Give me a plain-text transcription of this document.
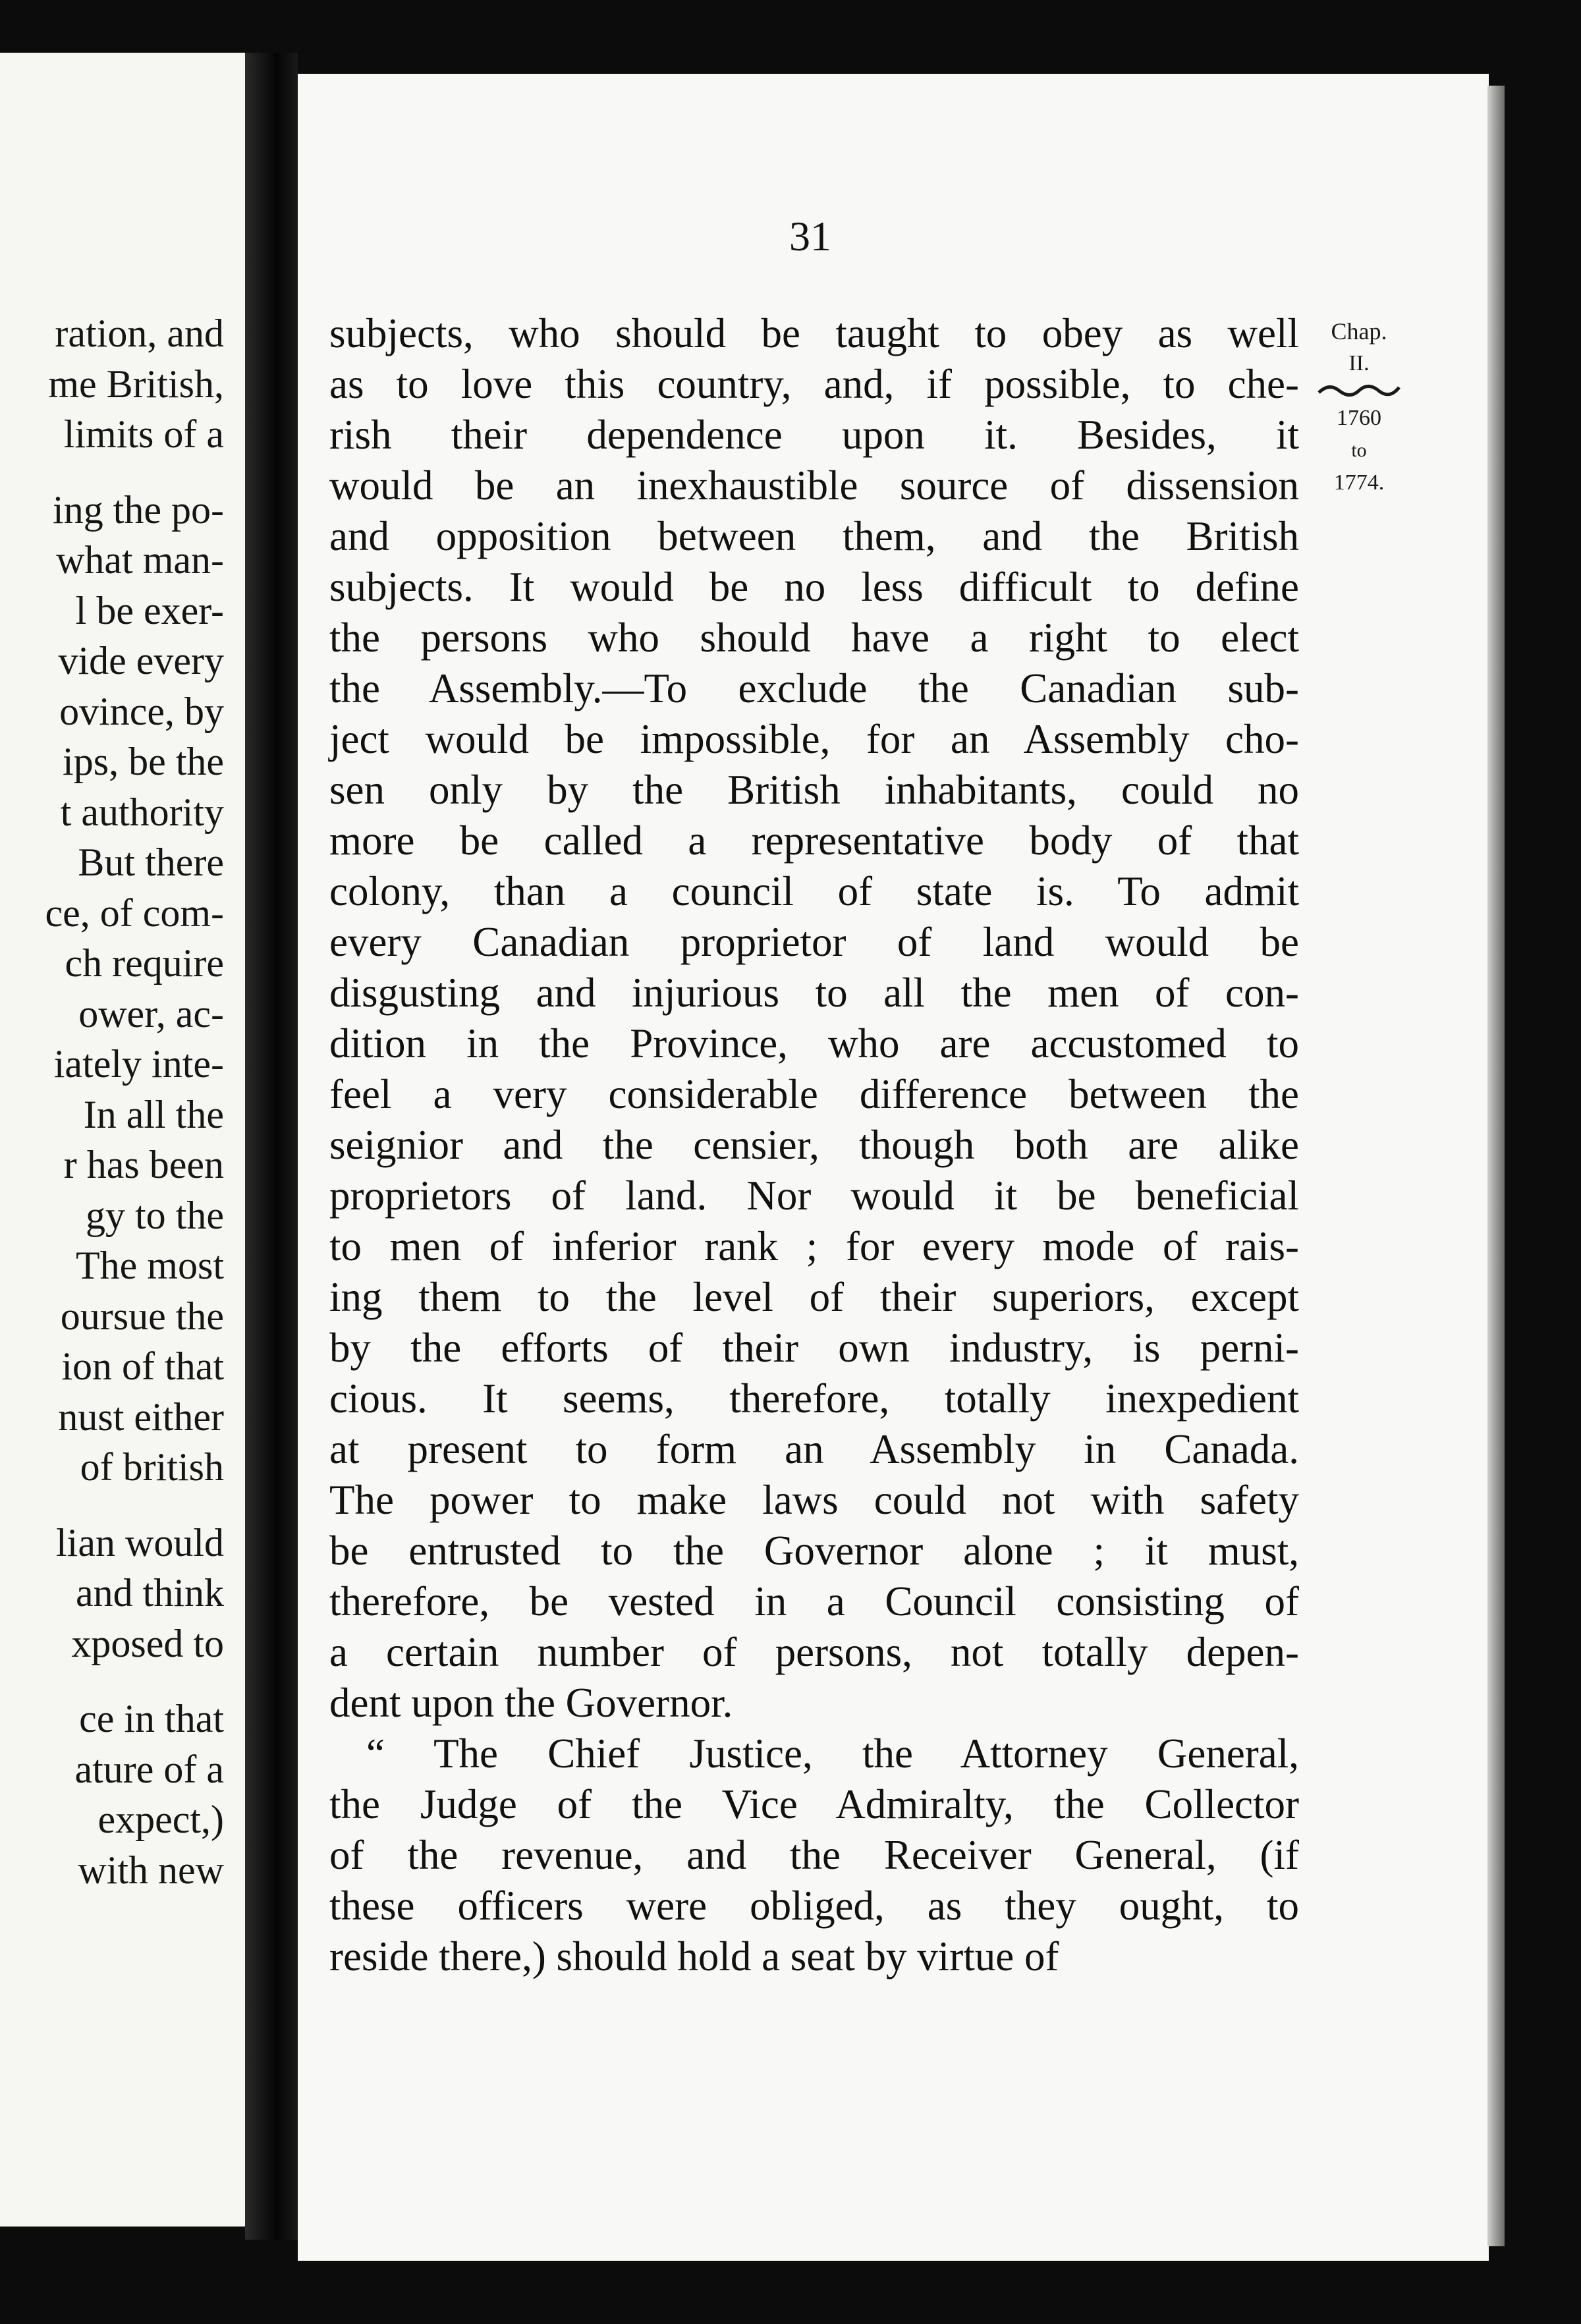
ration, and
me British,
limits of a
ing the po-
what man-
l be exer-
vide every
ovince, by
ips, be the
t authority
But there
ce, of com-
ch require
ower, ac-
iately inte-
In all the
r has been
gy to the
The most
oursue the
ion of that
nust either
of british
lian would
and think
xposed to
ce in that
ature of a
expect,)
with new
31
subjects, who should be taught to obey as well
as to love this country, and, if possible, to che-
rish their dependence upon it. Besides, it
would be an inexhaustible source of dissension
and opposition between them, and the British
subjects. It would be no less difficult to define
the persons who should have a right to elect
the Assembly.—To exclude the Canadian sub-
ject would be impossible, for an Assembly cho-
sen only by the British inhabitants, could no
more be called a representative body of that
colony, than a council of state is. To admit
every Canadian proprietor of land would be
disgusting and injurious to all the men of con-
dition in the Province, who are accustomed to
feel a very considerable difference between the
seignior and the censier, though both are alike
proprietors of land. Nor would it be beneficial
to men of inferior rank ; for every mode of rais-
ing them to the level of their superiors, except
by the efforts of their own industry, is perni-
cious. It seems, therefore, totally inexpedient
at present to form an Assembly in Canada.
The power to make laws could not with safety
be entrusted to the Governor alone ; it must,
therefore, be vested in a Council consisting of
a certain number of persons, not totally depen-
dent upon the Governor.
“ The Chief Justice, the Attorney General,
the Judge of the Vice Admiralty, the Collector
of the revenue, and the Receiver General, (if
these officers were obliged, as they ought, to
reside there,) should hold a seat by virtue of
Chap.
II.
1760
to
1774.
